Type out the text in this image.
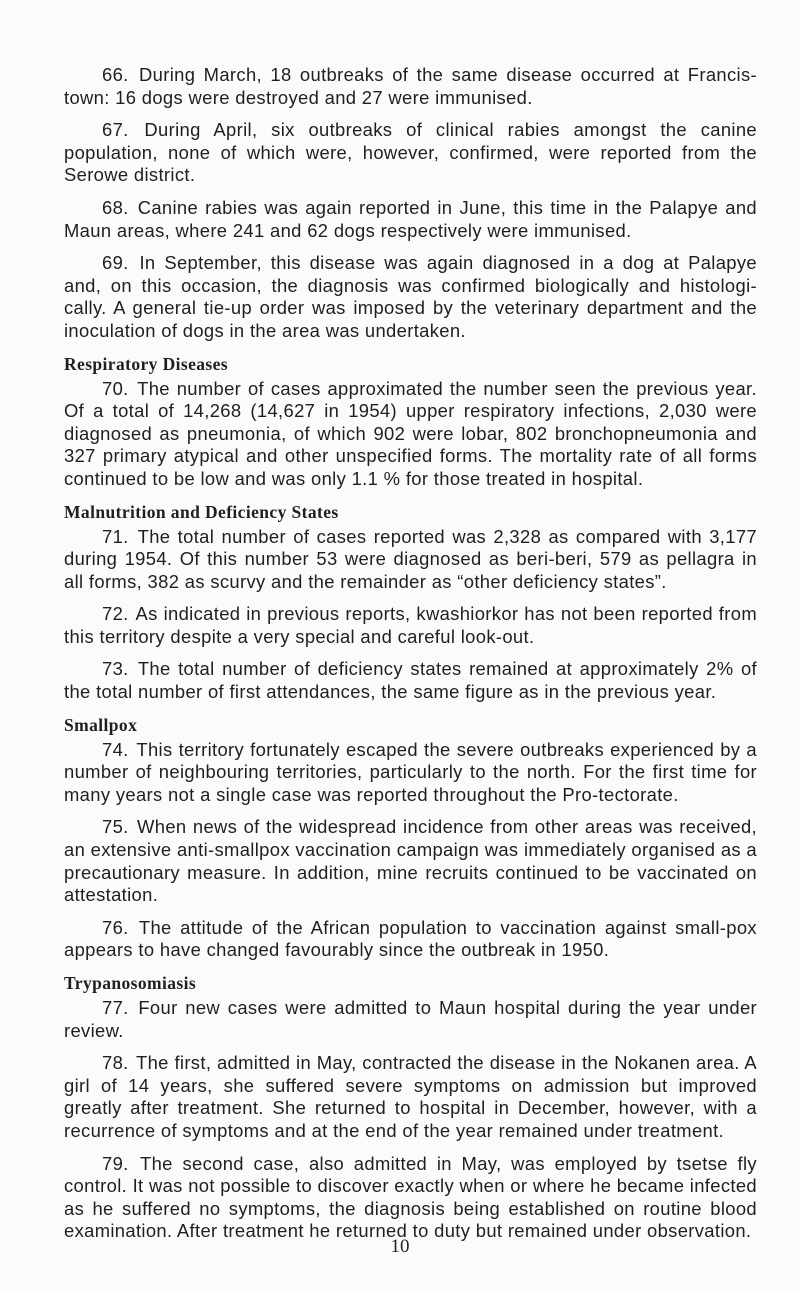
66. During March, 18 outbreaks of the same disease occurred at Francis-town: 16 dogs were destroyed and 27 were immunised.

67. During April, six outbreaks of clinical rabies amongst the canine population, none of which were, however, confirmed, were reported from the Serowe district.

68. Canine rabies was again reported in June, this time in the Palapye and Maun areas, where 241 and 62 dogs respectively were immunised.

69. In September, this disease was again diagnosed in a dog at Palapye and, on this occasion, the diagnosis was confirmed biologically and histologi-cally. A general tie-up order was imposed by the veterinary department and the inoculation of dogs in the area was undertaken.

Respiratory Diseases

70. The number of cases approximated the number seen the previous year. Of a total of 14,268 (14,627 in 1954) upper respiratory infections, 2,030 were diagnosed as pneumonia, of which 902 were lobar, 802 bronchopneumonia and 327 primary atypical and other unspecified forms. The mortality rate of all forms continued to be low and was only 1.1 % for those treated in hospital.

Malnutrition and Deficiency States

71. The total number of cases reported was 2,328 as compared with 3,177 during 1954. Of this number 53 were diagnosed as beri-beri, 579 as pellagra in all forms, 382 as scurvy and the remainder as “other deficiency states”.

72. As indicated in previous reports, kwashiorkor has not been reported from this territory despite a very special and careful look-out.

73. The total number of deficiency states remained at approximately 2% of the total number of first attendances, the same figure as in the previous year.

Smallpox

74. This territory fortunately escaped the severe outbreaks experienced by a number of neighbouring territories, particularly to the north. For the first time for many years not a single case was reported throughout the Pro-tectorate.

75. When news of the widespread incidence from other areas was received, an extensive anti-smallpox vaccination campaign was immediately organised as a precautionary measure. In addition, mine recruits continued to be vaccinated on attestation.

76. The attitude of the African population to vaccination against small-pox appears to have changed favourably since the outbreak in 1950.

Trypanosomiasis

77. Four new cases were admitted to Maun hospital during the year under review.

78. The first, admitted in May, contracted the disease in the Nokanen area. A girl of 14 years, she suffered severe symptoms on admission but improved greatly after treatment. She returned to hospital in December, however, with a recurrence of symptoms and at the end of the year remained under treatment.

79. The second case, also admitted in May, was employed by tsetse fly control. It was not possible to discover exactly when or where he became infected as he suffered no symptoms, the diagnosis being established on routine blood examination. After treatment he returned to duty but remained under observation.

10
